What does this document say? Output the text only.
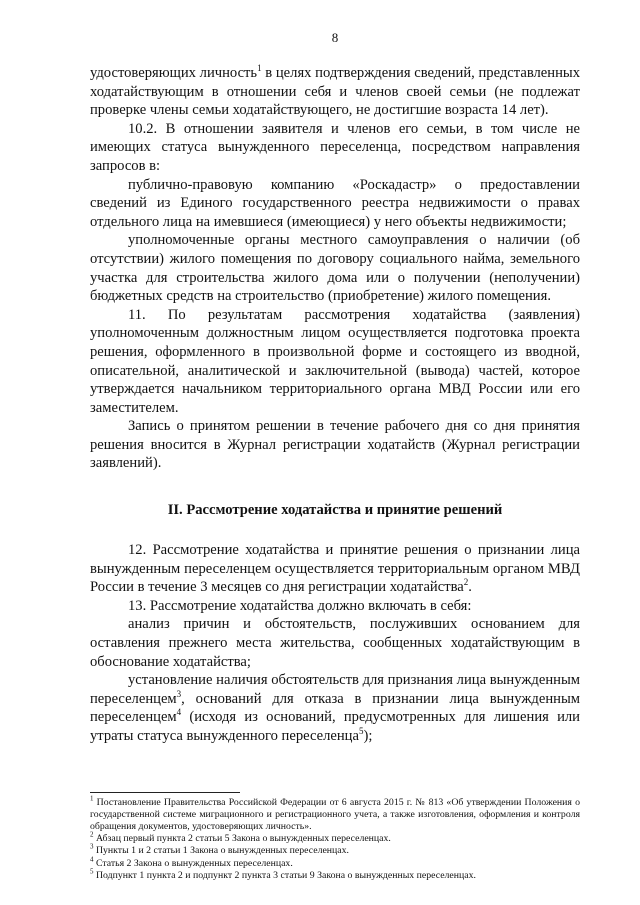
8

удостоверяющих личность$^1$ в целях подтверждения сведений, представленных ходатайствующим в отношении себя и членов своей семьи (не подлежат проверке члены семьи ходатайствующего, не достигшие возраста 14 лет).

10.2. В отношении заявителя и членов его семьи, в том числе не имеющих статуса вынужденного переселенца, посредством направления запросов в:

публично-правовую компанию «Роскадастр» о предоставлении сведений из Единого государственного реестра недвижимости о правах отдельного лица на имевшиеся (имеющиеся) у него объекты недвижимости;

уполномоченные органы местного самоуправления о наличии (об отсутствии) жилого помещения по договору социального найма, земельного участка для строительства жилого дома или о получении (неполучении) бюджетных средств на строительство (приобретение) жилого помещения.

11. По результатам рассмотрения ходатайства (заявления) уполномоченным должностным лицом осуществляется подготовка проекта решения, оформленного в произвольной форме и состоящего из вводной, описательной, аналитической и заключительной (вывода) частей, которое утверждается начальником территориального органа МВД России или его заместителем.

Запись о принятом решении в течение рабочего дня со дня принятия решения вносится в Журнал регистрации ходатайств (Журнал регистрации заявлений).

II. Рассмотрение ходатайства и принятие решений

12. Рассмотрение ходатайства и принятие решения о признании лица вынужденным переселенцем осуществляется территориальным органом МВД России в течение 3 месяцев со дня регистрации ходатайства$^2$.

13. Рассмотрение ходатайства должно включать в себя:

анализ причин и обстоятельств, послуживших основанием для оставления прежнего места жительства, сообщенных ходатайствующим в обоснование ходатайства;

установление наличия обстоятельств для признания лица вынужденным переселенцем$^3$, оснований для отказа в признании лица вынужденным переселенцем$^4$ (исходя из оснований, предусмотренных для лишения или утраты статуса вынужденного переселенца$^5$);

$^1$ Постановление Правительства Российской Федерации от 6 августа 2015 г. № 813 «Об утверждении Положения о государственной системе миграционного и регистрационного учета, а также изготовления, оформления и контроля обращения документов, удостоверяющих личность».

$^2$ Абзац первый пункта 2 статьи 5 Закона о вынужденных переселенцах.

$^3$ Пункты 1 и 2 статьи 1 Закона о вынужденных переселенцах.

$^4$ Статья 2 Закона о вынужденных переселенцах.

$^5$ Подпункт 1 пункта 2 и подпункт 2 пункта 3 статьи 9 Закона о вынужденных переселенцах.
